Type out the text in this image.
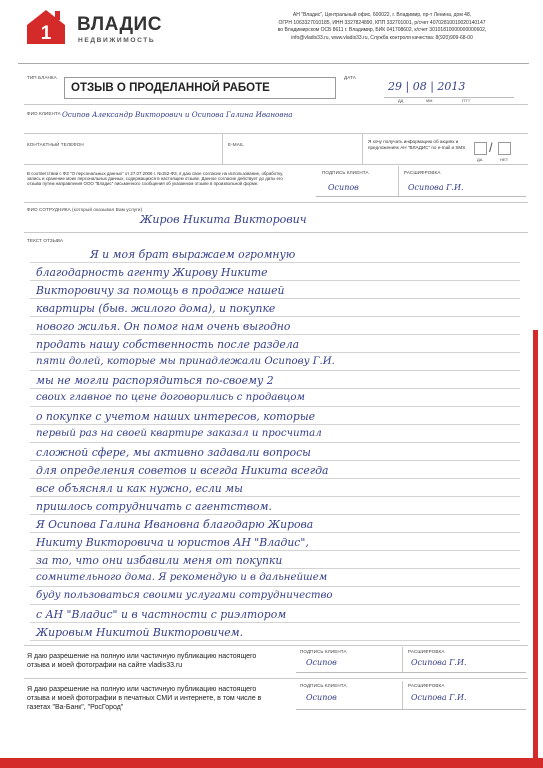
1 ВЛАДИС
НЕДВИЖИМОСТЬ
АН "Владис", Центральный офис, 600022, г. Владимир, пр-т Ленина, дом 48,
ОГРН 1063327010185, ИНН 3327824890, КПП 332701001, р/счет 40702810010020140147
во Владимирском ОСБ 8611 г. Владимир, БИК 041708602, к/счет 30101810000000000602,
info@vladis33.ru, www.vladis33.ru, Служба контроля качества: 8(920)909-68-00
ТИП БЛАНКА
ОТЗЫВ О ПРОДЕЛАННОЙ РАБОТЕ
ДАТА
29 | 08 | 2013
ДД	ММ	ГГГГ
ФИО КЛИЕНТА Осипов Александр Викторович и Осипова Галина Ивановна
КОНТАКТНЫЙ ТЕЛЕФОН	E-MAIL
Я хочу получать информацию об акциях и предложениях АН "ВЛАДИС" по e-mail и SMS /
ДА	НЕТ
В соответствии с ФЗ "О персональных данных" от 27.07.2006 г. №152-ФЗ, я даю свое согласие на использование, обработку, запись и хранение моих персональных данных, содержащихся в настоящем отзыве. Данное согласие действует до даты его отзыва путем направления ООО "Владис" письменного сообщения об указанном отзыве в произвольной форме.
ПОДПИСЬ КЛИЕНТА
Осипов
РАСШИФРОВКА
Осипова Г.И.
ФИО СОТРУДНИКА (который оказывал Вам услуги)
Жиров Никита Викторович
ТЕКСТ ОТЗЫВА
Я и моя брат выражаем огромную
благодарность агенту Жирову Никите
Викторовичу за помощь в продаже нашей
квартиры (быв. жилого дома), и покупке
нового жилья. Он помог нам очень выгодно
продать нашу собственность после раздела
пяти долей, которые мы принадлежали Осипову Г.И.
мы не могли распорядиться по-своему 2
своих главное по цене договорились с продавцом
о покупке с учетом наших интересов, которые
первый раз на своей квартире заказал и просчитал
сложной сфере, мы активно задавали вопросы
для определения советов и всегда Никита всегда
все объяснял и как нужно, если мы
пришлось сотрудничать с агентством.
Я Осипова Галина Ивановна благодарю Жирова
Никиту Викторовича и юристов АН "Владис",
за то, что они избавили меня от покупки
сомнительного дома. Я рекомендую и в дальнейшем
буду пользоваться своими услугами сотрудничество
с АН "Владис" и в частности с риэлтором
Жировым Никитой Викторовичем.
Я даю разрешение на полную или частичную публикацию настоящего отзыва и моей фотографии на сайте vladis33.ru
ПОДПИСЬ КЛИЕНТА
Осипов
РАСШИФРОВКА
Осипова Г.И.
Я даю разрешение на полную или частичную публикацию настоящего отзыва и моей фотографии в печатных СМИ и интернете, в том числе в газетах "Ва-Банк", "РосГород"
ПОДПИСЬ КЛИЕНТА
Осипов
РАСШИФРОВКА
Осипова Г.И.
